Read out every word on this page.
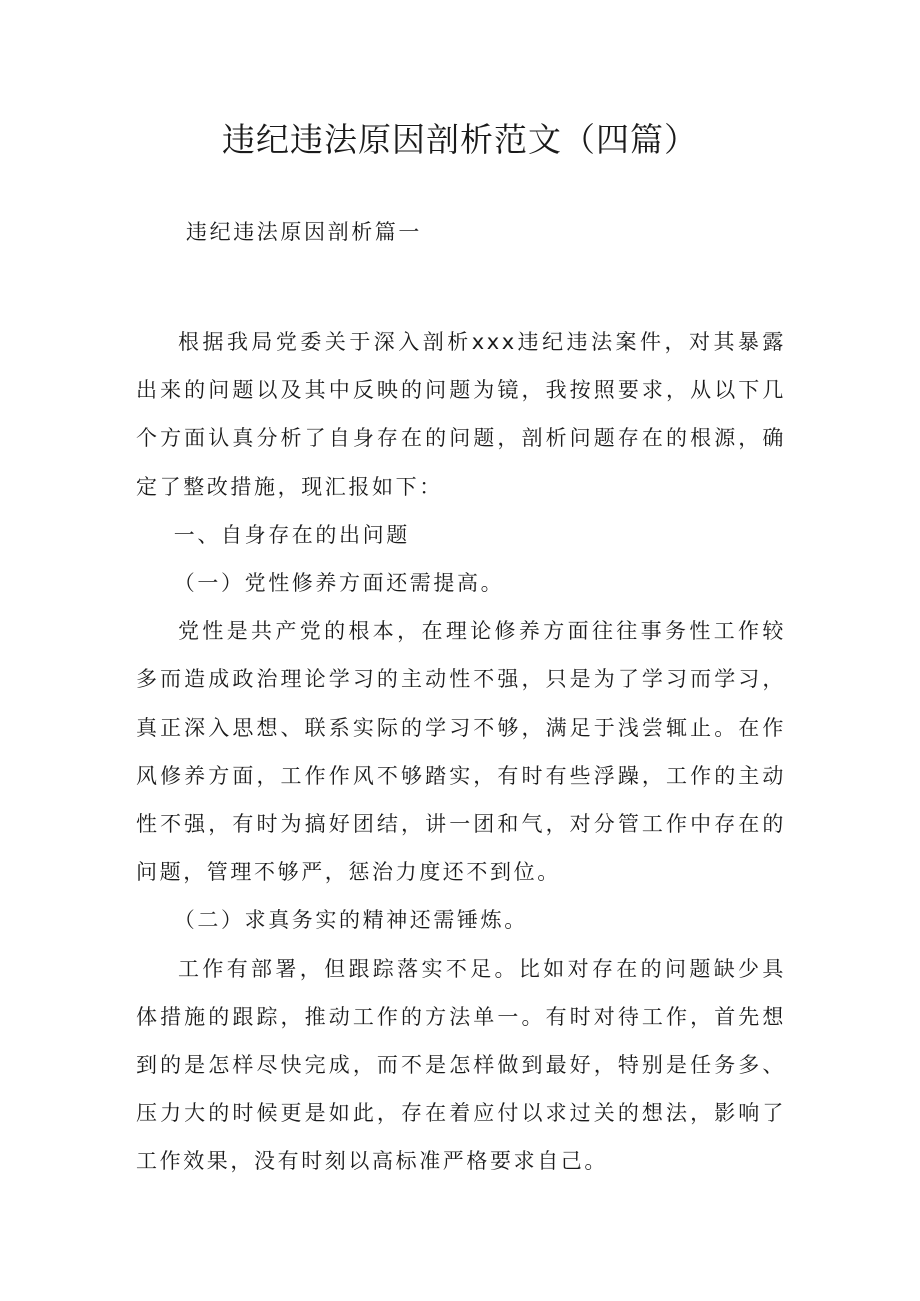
违纪违法原因剖析范文（四篇）
违纪违法原因剖析篇一

根据我局党委关于深入剖析xxx违纪违法案件，对其暴露出来的问题以及其中反映的问题为镜，我按照要求，从以下几个方面认真分析了自身存在的问题，剖析问题存在的根源，确定了整改措施，现汇报如下：

一、自身存在的出问题

（一）党性修养方面还需提高。

党性是共产党的根本，在理论修养方面往往事务性工作较多而造成政治理论学习的主动性不强，只是为了学习而学习，真正深入思想、联系实际的学习不够，满足于浅尝辄止。在作风修养方面，工作作风不够踏实，有时有些浮躁，工作的主动性不强，有时为搞好团结，讲一团和气，对分管工作中存在的问题，管理不够严，惩治力度还不到位。

（二）求真务实的精神还需锤炼。

工作有部署，但跟踪落实不足。比如对存在的问题缺少具体措施的跟踪，推动工作的方法单一。有时对待工作，首先想到的是怎样尽快完成，而不是怎样做到最好，特别是任务多、压力大的时候更是如此，存在着应付以求过关的想法，影响了工作效果，没有时刻以高标准严格要求自己。
